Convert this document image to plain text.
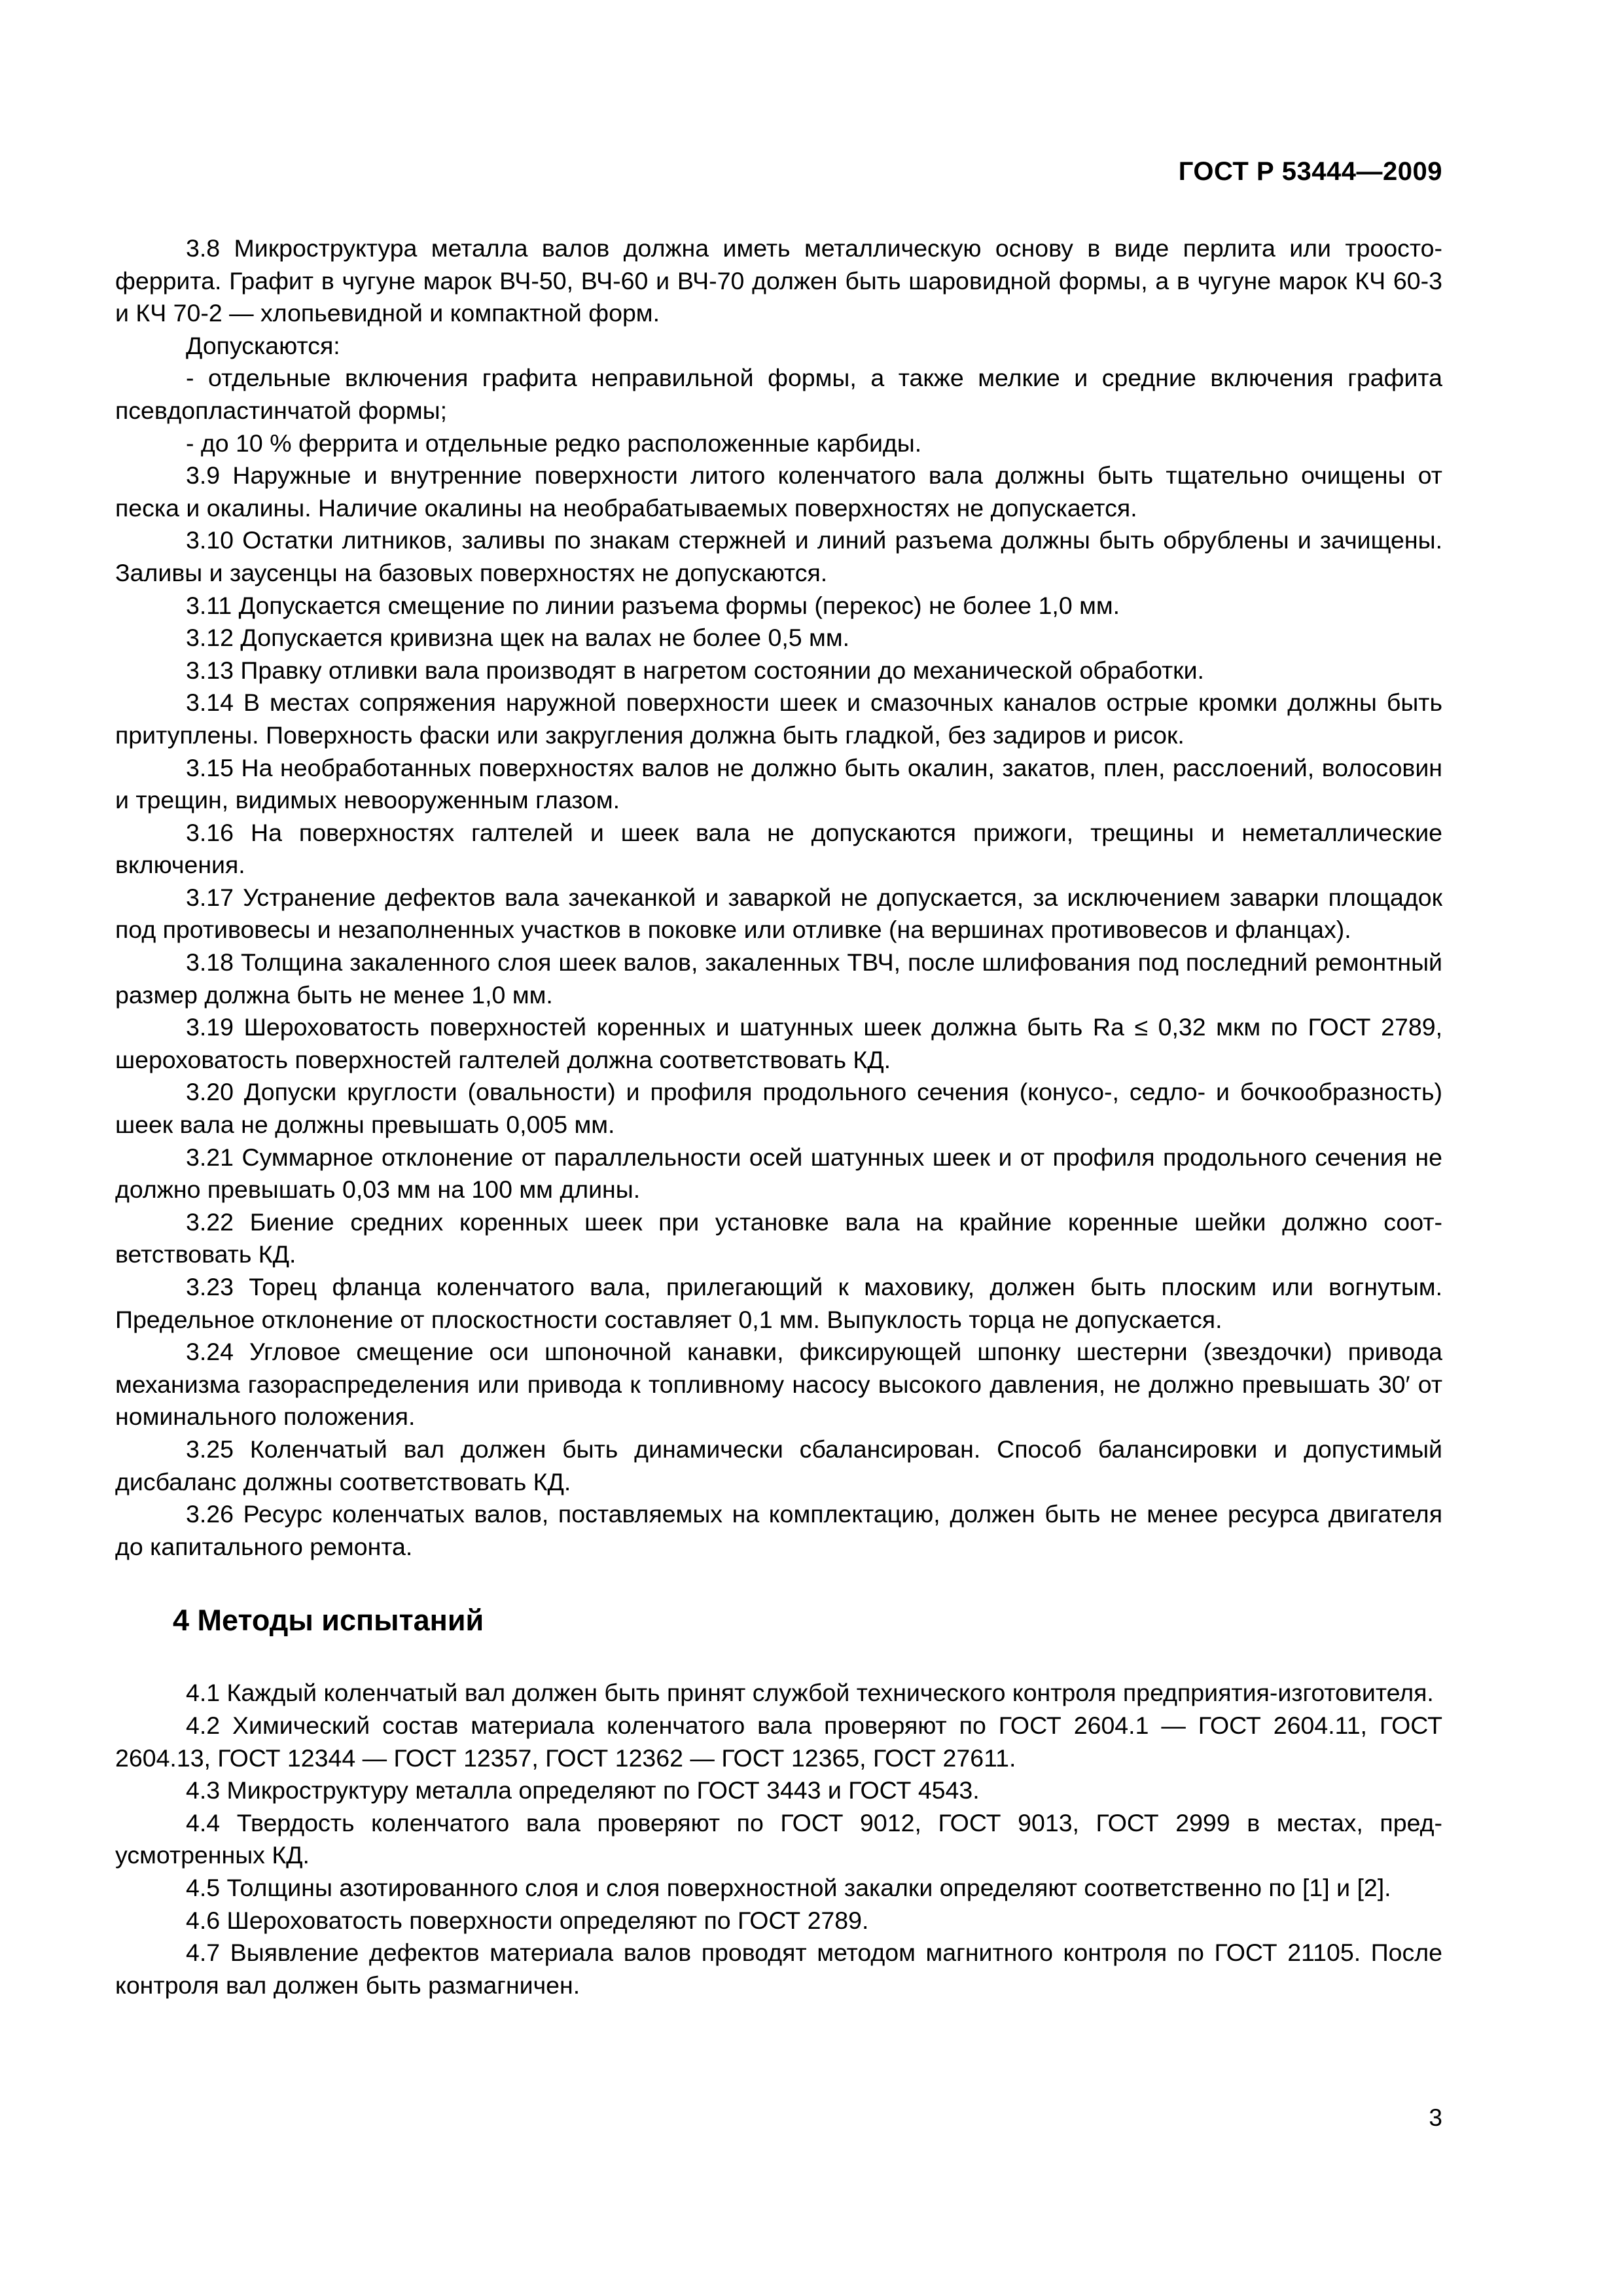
ГОСТ Р 53444—2009

3.8 Микроструктура металла валов должна иметь металлическую основу в виде перлита или троосто-феррита. Графит в чугуне марок ВЧ-50, ВЧ-60 и ВЧ-70 должен быть шаровидной формы, а в чугуне марок КЧ 60-3 и КЧ 70-2 — хлопьевидной и компактной форм.

Допускаются:

- отдельные включения графита неправильной формы, а также мелкие и средние включения графита псевдопластинчатой формы;

- до 10 % феррита и отдельные редко расположенные карбиды.

3.9 Наружные и внутренние поверхности литого коленчатого вала должны быть тщательно очищены от песка и окалины. Наличие окалины на необрабатываемых поверхностях не допускается.

3.10 Остатки литников, заливы по знакам стержней и линий разъема должны быть обрублены и зачищены. Заливы и заусенцы на базовых поверхностях не допускаются.

3.11 Допускается смещение по линии разъема формы (перекос) не более 1,0 мм.

3.12 Допускается кривизна щек на валах не более 0,5 мм.

3.13 Правку отливки вала производят в нагретом состоянии до механической обработки.

3.14 В местах сопряжения наружной поверхности шеек и смазочных каналов острые кромки должны быть притуплены. Поверхность фаски или закругления должна быть гладкой, без задиров и рисок.

3.15 На необработанных поверхностях валов не должно быть окалин, закатов, плен, расслоений, волосовин и трещин, видимых невооруженным глазом.

3.16 На поверхностях галтелей и шеек вала не допускаются прижоги, трещины и неметаллические включения.

3.17 Устранение дефектов вала зачеканкой и заваркой не допускается, за исключением заварки площадок под противовесы и незаполненных участков в поковке или отливке (на вершинах противовесов и фланцах).

3.18 Толщина закаленного слоя шеек валов, закаленных ТВЧ, после шлифования под последний ремонтный размер должна быть не менее 1,0 мм.

3.19 Шероховатость поверхностей коренных и шатунных шеек должна быть Ra ≤ 0,32 мкм по ГОСТ 2789, шероховатость поверхностей галтелей должна соответствовать КД.

3.20 Допуски круглости (овальности) и профиля продольного сечения (конусо-, седло- и бочкообразность) шеек вала не должны превышать 0,005 мм.

3.21 Суммарное отклонение от параллельности осей шатунных шеек и от профиля продольного сечения не должно превышать 0,03 мм на 100 мм длины.

3.22 Биение средних коренных шеек при установке вала на крайние коренные шейки должно соответствовать КД.

3.23 Торец фланца коленчатого вала, прилегающий к маховику, должен быть плоским или вогнутым. Предельное отклонение от плоскостности составляет 0,1 мм. Выпуклость торца не допускается.

3.24 Угловое смещение оси шпоночной канавки, фиксирующей шпонку шестерни (звездочки) привода механизма газораспределения или привода к топливному насосу высокого давления, не должно превышать 30′ от номинального положения.

3.25 Коленчатый вал должен быть динамически сбалансирован. Способ балансировки и допустимый дисбаланс должны соответствовать КД.

3.26 Ресурс коленчатых валов, поставляемых на комплектацию, должен быть не менее ресурса двигателя до капитального ремонта.

4 Методы испытаний

4.1 Каждый коленчатый вал должен быть принят службой технического контроля предприятия-изготовителя.

4.2 Химический состав материала коленчатого вала проверяют по ГОСТ 2604.1 — ГОСТ 2604.11, ГОСТ 2604.13, ГОСТ 12344 — ГОСТ 12357, ГОСТ 12362 — ГОСТ 12365, ГОСТ 27611.

4.3 Микроструктуру металла определяют по ГОСТ 3443 и ГОСТ 4543.

4.4 Твердость коленчатого вала проверяют по ГОСТ 9012, ГОСТ 9013, ГОСТ 2999 в местах, предусмотренных КД.

4.5 Толщины азотированного слоя и слоя поверхностной закалки определяют соответственно по [1] и [2].

4.6 Шероховатость поверхности определяют по ГОСТ 2789.

4.7 Выявление дефектов материала валов проводят методом магнитного контроля по ГОСТ 21105. После контроля вал должен быть размагничен.

3
